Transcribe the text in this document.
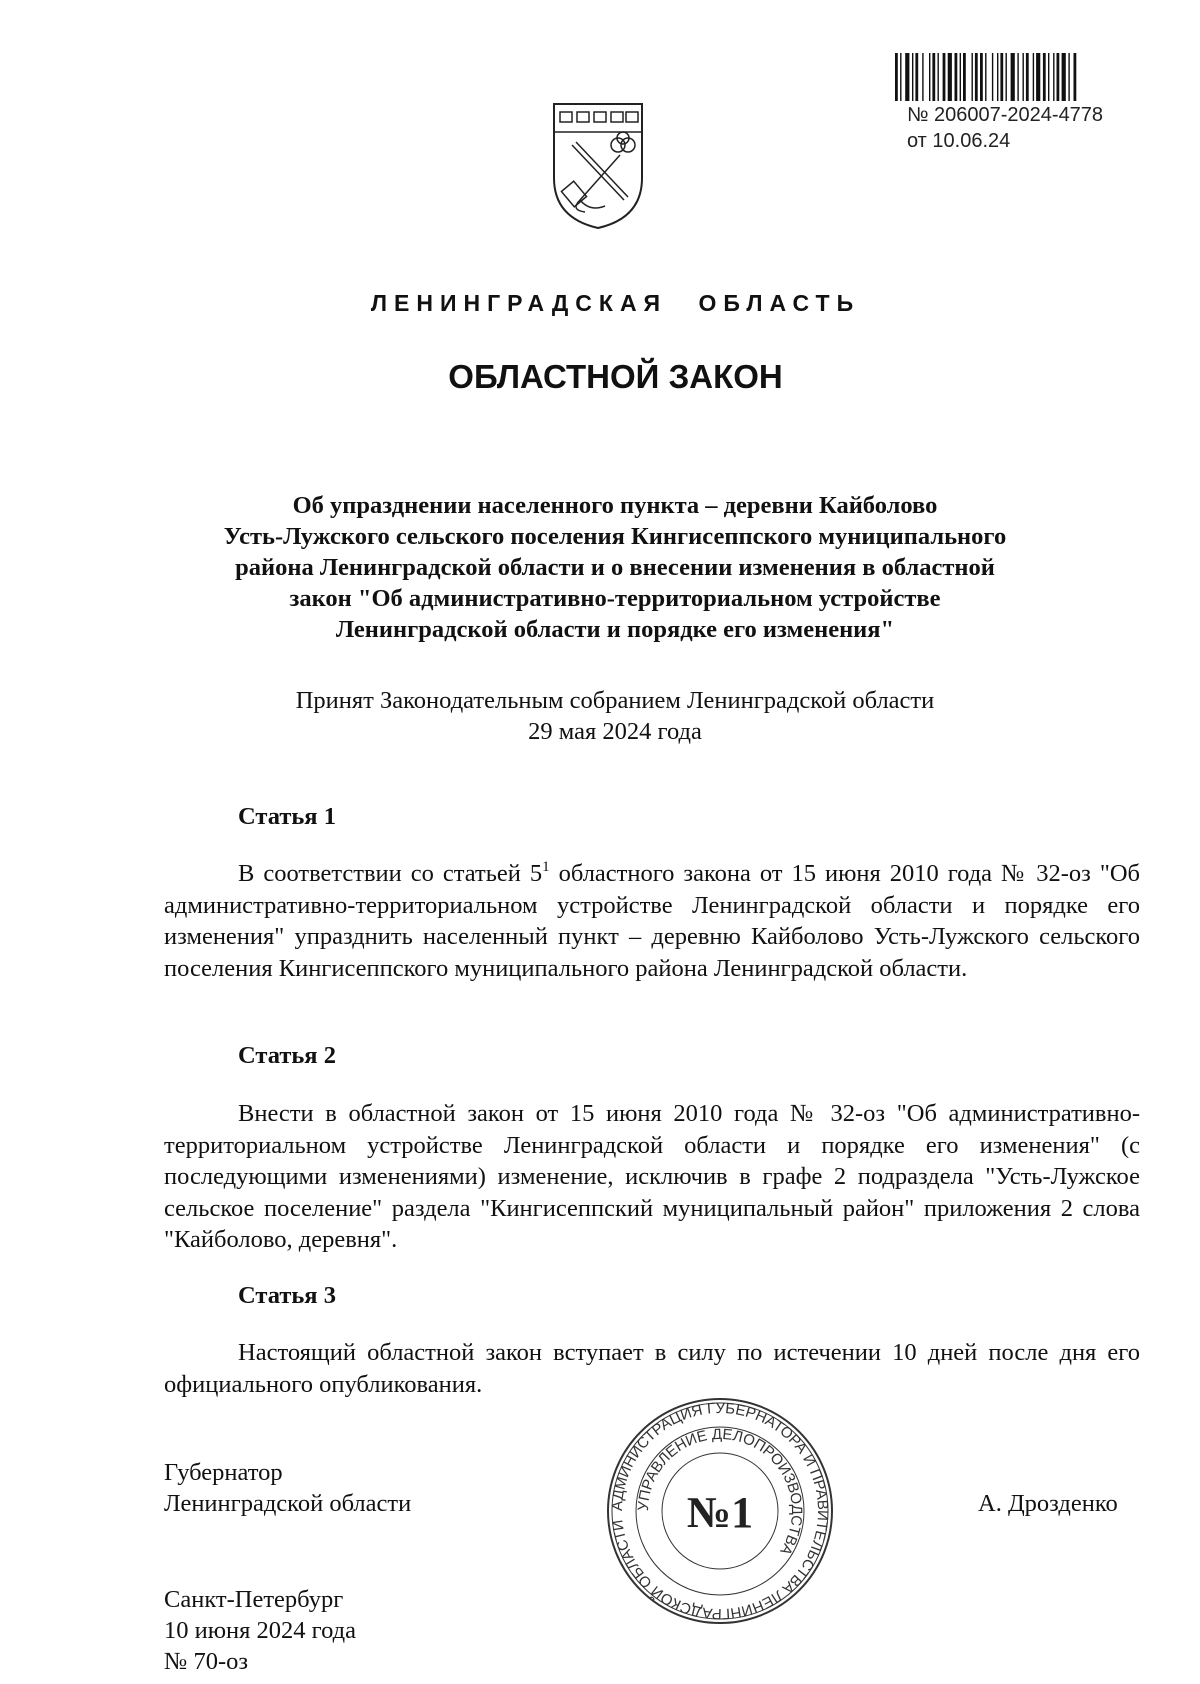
№ 206007-2024-4778
от 10.06.24
ЛЕНИНГРАДСКАЯ ОБЛАСТЬ
ОБЛАСТНОЙ ЗАКОН
Об упразднении населенного пункта – деревни Кайболово
Усть-Лужского сельского поселения Кингисеппского муниципального
района Ленинградской области и о внесении изменения в областной
закон "Об административно-территориальном устройстве
Ленинградской области и порядке его изменения"
Принят Законодательным собранием Ленинградской области
29 мая 2024 года
Статья 1
В соответствии со статьей $5^1$ областного закона от 15 июня 2010 года № 32-оз "Об административно-территориальном устройстве Ленинградской области и порядке его изменения" упразднить населенный пункт – деревню Кайболово Усть-Лужского сельского поселения Кингисеппского муниципального района Ленинградской области.
Статья 2
Внести в областной закон от 15 июня 2010 года № 32-оз "Об административно-территориальном устройстве Ленинградской области и порядке его изменения" (с последующими изменениями) изменение, исключив в графе 2 подраздела "Усть-Лужское сельское поселение" раздела "Кингисеппский муниципальный район" приложения 2 слова "Кайболово, деревня".
Статья 3
Настоящий областной закон вступает в силу по истечении 10 дней после дня его официального опубликования.
Губернатор
Ленинградской области	А. Дрозденко
АДМИНИСТРАЦИЯ ГУБЕРНАТОРА И ПРАВИТЕЛЬСТВА ЛЕНИНГРАДСКОЙ ОБЛАСТИ
УПРАВЛЕНИЕ ДЕЛОПРОИЗВОДСТВА
№1
Санкт-Петербург
10 июня 2024 года
№ 70-оз
